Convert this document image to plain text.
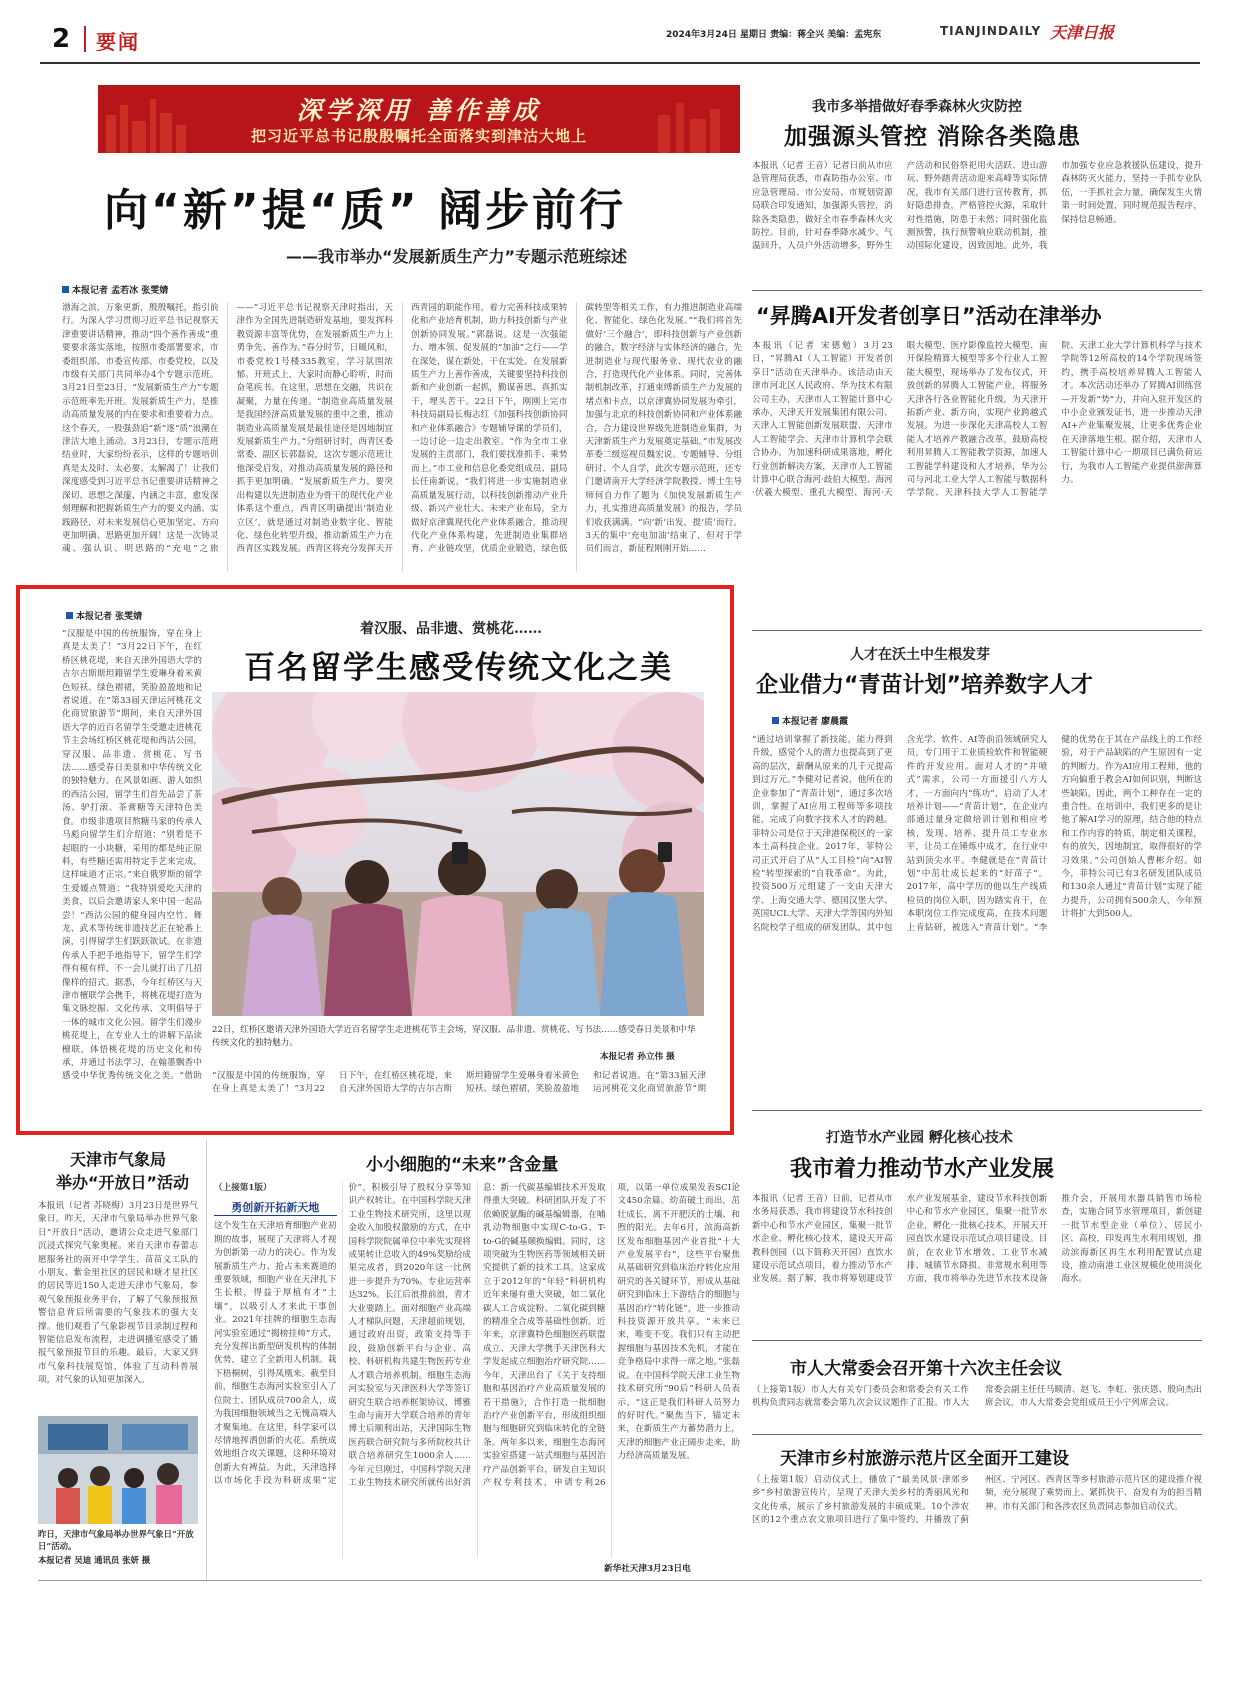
2 要闻	2024年3月24日 星期日 责编：蒋全兴 美编：孟宪东	TIANJINDAILY 天津日报
深学深用 善作善成
把习近平总书记殷殷嘱托全面落实到津沽大地上
向“新”提“质” 阔步前行
——我市举办“发展新质生产力”专题示范班综述
本报记者 孟若冰 张雯婧

渤海之滨，万象更新，殷殷嘱托，指引前行。为深入学习贯彻习近平总书记视察天津重要讲话精神，推动“四个善作善成”重要要求落实落地，按照市委部署要求，市委组织部、市委宣传部、市委党校，以及市级有关部门共同举办4个专题示范班。3月21日至23日，“发展新质生产力”专题示范班率先开班。发展新质生产力，是推动高质量发展的内在要求和重要着力点。这个春天，一股强劲追“新”逐“质”浪潮在津沽大地上涌动。3月23日，专题示范班结业时，大家纷纷表示，这样的专题培训真是太及时、太必要、太解渴了！让我们深度感受到习近平总书记重要讲话精神之深切、思想之深邃、内涵之丰富，愈发深刻理解和把握新质生产力的要义内涵、实践路径，对未来发展信心更加坚定、方向更加明确、思路更加开阔！这是一次铸灵魂、强认识、明思路的“充电”之旅——“习近平总书记视察天津时指出，天津作为全国先进制造研发基地，要发挥科教资源丰富等优势，在发展新质生产力上勇争先、善作为。”春分时节，日暖风和，市委党校1号楼335教室，学习氛围浓郁。开班式上，大家时而静心聆听，时而奋笔疾书。在这里，思想在交融，共识在凝聚，力量在传递。“制造业高质量发展是我国经济高质量发展的重中之重，推动制造业高质量发展是最佳途径是因地制宜发展新质生产力。”分组研讨时，西青区委常委、副区长郭磊说，这次专题示范班让他深受启发，对推动高质量发展的路径和抓手更加明确。“发展新质生产力，要突出构建以先进制造业为骨干的现代化产业体系这个重点，西青区明确提出‘制造业立区’，就是通过对制造业数字化、智能化、绿色化转型升级，推动新质生产力在西青区实践发展。西青区将充分发挥天开西青园的职能作用，着力完善科技成果转化和产业培育机制，助力科技创新与产业创新协同发展。”郭磊说。这是一次强能力、增本领、促发展的“加油”之行——学在深处，谋在新处，干在实处。在发展新质生产力上善作善成，关键要坚持科技创新和产业创新一起抓，勤谋善思、真抓实干，埋头苦干。22日下午，刚刚上完市科技局副局长梅志红《加强科技创新协同和产业体系融合》专题辅导课的学员们，一边讨论一边走出教室。“作为全市工业发展的主责部门，我们要找准抓手、乘势而上。”市工业和信息化委党组成员、副局长任南新说，“我们将进一步实施制造业高质量发展行动，以科技创新推动产业升级、新兴产业壮大、未来产业布局，全力做好京津冀现代化产业体系融合，推动现代化产业体系构建，先进制造业集群培育、产业链攻坚，优质企业锻造，绿色低碳转型等相关工作，有力推进制造业高端化、智能化、绿色化发展。”“我们将首先做好‘三个融合’，即科技创新与产业创新的融合，数字经济与实体经济的融合，先进制造业与现代服务业、现代农业的融合，打造现代化产业体系。同时，完善体制机制改革，打通束缚新质生产力发展的堵点和卡点，以京津冀协同发展为牵引，加强与北京的科技创新协同和产业体系融合，合力建设世界级先进制造业集群，为天津新质生产力发展奠定基础。”市发展改革委二级巡视员魏宏说。专题辅导、分组研讨、个人自学，此次专题示范班，还专门邀请南开大学经济学院教授、博士生导师何自力作了题为《加快发展新质生产力，扎实推进高质量发展》的报告，学员们收获满满。“向‘新’出发，提‘质’而行。3天的集中‘充电加油’结束了，但对于学员们而言，新征程刚刚开始……

本报记者 张雯婧
着汉服、品非遗、赏桃花……
百名留学生感受传统文化之美

“汉服是中国的传统服饰，穿在身上真是太美了！”3月22日下午，在红桥区桃花堤，来自天津外国语大学的吉尔吉斯斯坦籍留学生爱琳身着米黄色短袄、绿色褶裙，笑脸盈盈地和记者说道。在“第33届天津运河桃花文化商贸旅游节”期间，来自天津外国语大学的近百名留学生受邀走进桃花节主会场红桥区桃花堤和西沽公园，穿汉服、品非遗、赏桃花、写书法……感受春日美景和中华传统文化的独特魅力。在风景如画、游人如织的西沽公园，留学生们首先品尝了茶汤、驴打滚、茶膏糖等天津特色美食。市级非遗项目熬糖马家的传承人马彪向留学生们介绍道：“别看是不起眼的一小块糖，采用的都是纯正原料，有些糖还需用特定手艺来完成，这样味道才正宗。”来自俄罗斯的留学生爱媛点赞道：“我特别爱吃天津的美食，以后会邀请家人来中国一起品尝！”西沽公园的健身园内空竹、舞龙、武术等传统非遗技艺正在轮番上演，引得留学生们跃跃欲试。在非遗传承人手把手地指导下，留学生们学得有模有样，不一会儿就打出了几招像样的招式。据悉，今年红桥区与天津市檀联学会携手，将桃花堤打造为集文脉挖掘、文化传承、文明倡导于一体的城市文化公园。留学生们漫步桃花堤上，在专业人士的讲解下品读檀联，体悟桃花堤的历史文化和传承，并通过书法学习，在翰墨飘香中感受中华优秀传统文化之美。“借助

22日，红桥区邀请天津外国语大学近百名留学生走进桃花节主会场，穿汉服、品非遗、赏桃花、写书法……感受春日美景和中华传统文化的独特魅力。
本报记者 孙立伟 摄

“汉服是中国的传统服饰，穿在身上真是太美了！”3月22日下午，在红桥区桃花堤，来自天津外国语大学的吉尔吉斯斯坦籍留学生爱琳身着米黄色短袄、绿色褶裙，笑脸盈盈地和记者说道。在“第33届天津运河桃花文化商贸旅游节”期

我市多举措做好春季森林火灾防控
加强源头管控 消除各类隐患

本报讯（记者 王音）记者日前从市应急管理局获悉，市森防指办公室、市应急管理局、市公安局、市规划资源局联合印发通知，加强源头管控，消除各类隐患，做好全市春季森林火灾防控。目前，针对春季降水减少、气温回升，人员户外活动增多，野外生产活动和民俗祭祀用火活跃、进山游玩、野外踏青活动迎来高峰等实际情况，我市有关部门进行宣传教育，抓好隐患排查，严格管控火源，采取针对性措施，防患于未然；同时强化监测预警，执行预警响应联动机制，推动国际化建设，因致因地。此外，我市加强专业应急救援队伍建设，提升森林防灭火能力，坚持一手抓专业队伍，一手抓社会力量，确保发生火情第一时间处置，同时规范报告程序，保持信息畅通。

“昇腾AI开发者创享日”活动在津举办

本报讯（记者 宋德勉）3月23日，“昇腾AI（人工智能）开发者创享日”活动在天津举办。该活动由天津市河北区人民政府、华为技术有限公司主办，天津市人工智能计算中心承办，天津天开发展集团有限公司、天津人工智能创新发展联盟、天津市人工智能学会、天津市计算机学会联合协办。为加速科研成果落地，孵化行业创新解决方案，天津市人工智能计算中心联合海河·歧伯大模型、海河·伏羲大模型、重孔大模型、海河·天眼大模型、医疗影像监控大模型、南开保险精算大模型等多个行业人工智能大模型，现场举办了发布仪式，开放创新的昇腾人工智能产业，将服务天津各行各业智能化升级，为天津开拓新产业、新方向，实现产业跨越式发展。为进一步深化天津高校人工智能人才培养产教融合改革，鼓励高校利用昇腾人工智能教学资源，加速人工智能学科建设和人才培养，华为公司与河北工业大学人工智能与数据科学学院、天津科技大学人工智能学院、天津工业大学计算机科学与技术学院等12所高校的14个学院现场签约，携手高校培养昇腾人工智能人才。本次活动还举办了昇腾AI训练营—开发新“势”力，并向入驻开发区的中小企业颁发证书，进一步推动天津AI+产业集聚发展，让更多优秀企业在天津落地生根。据介绍，天津市人工智能计算中心一期项目已满负荷运行，为我市人工智能产业提供澎湃算力。

人才在沃土中生根发芽
企业借力“青苗计划”培养数字人才
本报记者 廖晨霞

“通过培训掌握了新技能，能力得到升级，感觉个人的潜力也提高到了更高的层次，薪酬从原来的几千元提高到过万元。”李健对记者说，他所在的企业参加了“青苗计划”，通过多次培训，掌握了AI应用工程师等多项技能，完成了向数字技术人才的跨越。菲特公司是位于天津港保税区的一家本土高科技企业。2017年，菲特公司正式开启了从“人工目检”向“AI智检”转型探索的“自我革命”。为此，投资500万元组建了一支由天津大学、上海交通大学、德国汉堡大学、英国UCL大学、天津大学等国内外知名院校学子组成的研发团队，其中包含光学、软件、AI等前沿领域研究人员，专门用于工业质检软件和智能硬件的开发应用。面对人才的“井喷式”需求，公司一方面援引八方人才，一方面向内“练功”，启动了人才培养计划——“青苗计划”，在企业内部通过量身定做培训计划和相应考核，发现、培养、提升员工专业水平，让员工在锤炼中成才，在行业中站到顶尖水平。李健就是在“青苗计划”中茁壮成长起来的“好苗子”。2017年，高中学历的他以生产线质检员的岗位入职，因为踏实肯干，在本职岗位工作完成度高，在技术问题上肯钻研，被选入“青苗计划”。“李健的优势在于其在产品线上的工作经验，对于产品缺陷的产生原因有一定的判断力。作为AI应用工程师，他的方向偏重于教会AI如何识别，判断这些缺陷，因此，两个工种存在一定的重合性。在培训中，我们更多的是让他了解AI学习的原理，结合他的特点和工作内容的特质，制定相关课程，有的放矢，因地制宜，取得很好的学习效果。”公司创始人曹彬介绍。如今，菲特公司已有3名研发团队成员和130余人通过“青苗计划”实现了能力提升，公司拥有500余人，今年预计将扩大到500人。

打造节水产业园 孵化核心技术
我市着力推动节水产业发展

本报讯（记者 王音）日前，记者从市水务局获悉，我市将建设节水科技创新中心和节水产业园区，集聚一批节水企业、孵化核心技术，建设天开高教科创园（以下简称天开园）直饮水建设示范试点项目，着力推动节水产业发展。据了解，我市将筹划建设节水产业发展基金，建设节水科技创新中心和节水产业园区，集聚一批节水企业，孵化一批核心技术，开展天开园直饮水建设示范试点项目建设。目前，在农业节水增效、工业节水减排、城镇节水降损、非常规水利用等方面，我市将举办先进节水技术设备推介会，开展用水器具销售市场检查，实施合同节水管理项目，新创建一批节水型企业（单位）、居民小区、高校，印发再生水利用规划，推动滨海新区再生水利用配置试点建设，推动南港工业区规模化使用淡化海水。

市人大常委会召开第十六次主任会议

（上接第1版）市人大有关专门委员会和常委会有关工作机构负责同志就常委会第九次会议议题作了汇报。市人大常委会副主任任马顺清、赵飞、李虹、张庆恩、殷向杰出席会议，市人大常委会党组成员王小宁列席会议。

天津市乡村旅游示范片区全面开工建设

（上接第1版）启动仪式上，播放了“最美风景·津郊乡乡”乡村旅游宣传片，呈现了天津大美乡村的秀丽风光和文化传承，展示了乡村旅游发展的丰硕成果。10个涉农区的12个重点农文旅项目进行了集中签约，并播放了蓟州区、宁河区、西青区等乡村旅游示范片区的建设推介视频，充分展现了乘势而上、紧抓快干、奋发有为的担当精神。市有关部门和各涉农区负责同志参加启动仪式。

天津市气象局
举办“开放日”活动

本报讯（记者 苏晓梅）3月23日是世界气象日。昨天，天津市气象局举办世界气象日“开放日”活动，邀请公众走进气象部门沉浸式探究气象奥秘。来自天津市春蕾志愿服务社的南开中学学生、苗苗义工队的小朋友、紫金里社区的居民和塘才星社区的居民等近150人走进天津市气象局，参观气象预报业务平台，了解了气象预报预警信息背后所需要的气象技术的强大支撑。他们观看了气象影视节目录制过程和智能信息发布流程，走进调播室感受了播报气象预报节目的乐趣。最后，大家又到市气象科技展览馆，体验了互动科普展项，对气象的认知更加深入。

昨日，天津市气象局举办世界气象日“开放日”活动。
本报记者 吴迪 通讯员 张妍 摄
小小细胞的“未来”含金量

（上接第1版）

勇创新开拓新天地

这个发生在天津培育细胞产业初期的故事，展现了天津将人才视为创新第一动力的决心。作为发展新质生产力、抢占未来赛道的重要领域，细胞产业在天津扎下生长根，得益于厚植有才“土壤”，以吸引人才来此干事创业。2021年挂牌的细胞生态海河实验室通过“揭榜挂帅”方式，充分发挥出新型研发机构的体制优势，建立了全新用人机制。栽下梧桐树，引得凤凰来。截至目前，细胞生态海河实验室引入了位院士、团队成员700余人，成为我国细胞领域当之无愧高端人才聚集地。在这里，科学家可以尽情地挥洒创新的火花。系统成效地组合攻关课题，这种环境对创新大有裨益。为此，天津选择以市场化手段为科研成果“定价”，积极引导了股权分享等知识产权转让。在中国科学院天津工业生物技术研究所，这里以现金收入加股权激励的方式，在中国科学院院属单位中率先实现将成果转让总收入的49%奖励给成果完成者，到2020年这一比例进一步提升为70%。专业运营率达32%。长江后浪推前浪，青才大业要踏上。面对细胞产业高端人才梯队问题，天津超前规划，通过政府出资，政策支持等手段，鼓励创新平台与企业、高校、科研机构共建生物医药专业人才联合培养机制。细胞生态海河实验室与天津医科大学等签订研究生联合培养框架协议，博雅生命与南开大学联合培养的青年博士后顺利出站，天津国际生物医药联合研究院与多所院校共计联合培养研究生1000余人……今年元旦刚过，中国科学院天津工业生物技术研究所就传出好消息：新一代碳基编辑技术开发取得重大突破。科研团队开发了不依赖脱氨酶的碱基编辑器，在哺乳动物细胞中实现C-to-G、T-to-G的碱基颠换编辑。同时，这项突破为生物医药等领域相关研究提供了新的技术工具。这家成立于2012年的“年轻”科研机构近年来屡有重大突破，如二氧化碳人工合成淀粉、二氧化碳到糖的精准全合成等基础性创新。近年来，京津冀特色细胞医药联盟成立、天津大学携手天津医科大学发起成立细胞治疗研究院……今年，天津出台了《关于支持细胞和基因治疗产业高质量发展的若干措施》，合作打造一批细胞治疗产业创新平台，形成组织细胞与细胞研究到临床转化的全链条。两年多以来，细胞生态海河实验室搭建一站式细胞与基因治疗产品创新平台，研发自主知识产权专利技术，申请专利26项，以第一单位成果发表SCI论文450余篇。幼苗破土而出，茁壮成长，离不开肥沃的土壤、和煦的阳光。去年6月，滨海高新区发布细胞基因产业首批“十大产业发展平台”，这些平台聚焦从基础研究到临床治疗转化应用研究的各关键环节，形成从基础研究到临床上下游结合的细胞与基因治疗“转化链”，进一步推动科技资源开放共享。“未来已来，唯变不变。我们只有主动把握细胞与基因技术先机，才能在竞争格局中求得一席之地。”张磊说。在中国科学院天津工业生物技术研究所“90后”科研人员表示，“这正是我们科研人员努力的好时代。”聚焦当下，锚定未来，在新质生产力蓄势潜力上，天津的细胞产业正阔步走来，助力经济高质量发展。

新华社天津3月23日电
